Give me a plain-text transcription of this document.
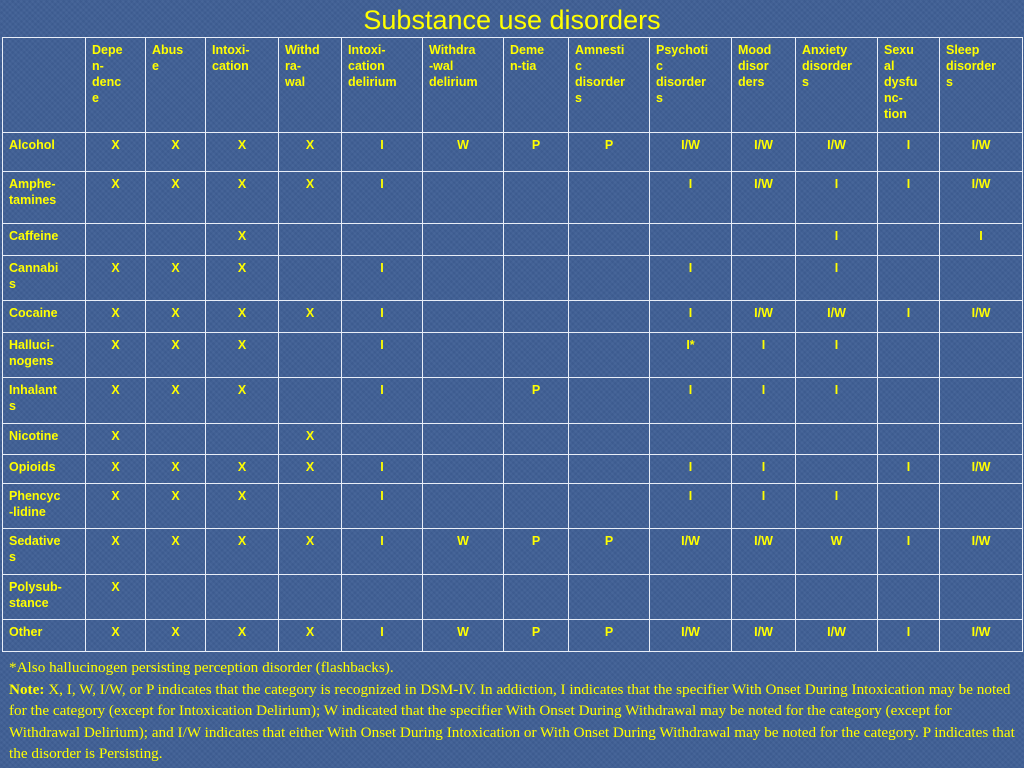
Substance use disorders
	Depe
n-
denc
e	Abus
e	Intoxi-
cation	Withd
ra-
wal	Intoxi-
cation
delirium	Withdra
-wal
delirium	Deme
n-tia	Amnesti
c
disorder
s	Psychoti
c
disorder
s	Mood
disor
ders	Anxiety
disorder
s	Sexu
al
dysfu
nc-
tion	Sleep
disorder
s
Alcohol	X	X	X	X	I	W	P	P	I/W	I/W	I/W	I	I/W
Amphe-
tamines	X	X	X	X	I				I	I/W	I	I	I/W
Caffeine			X								I		I
Cannabi
s	X	X	X		I				I		I		
Cocaine	X	X	X	X	I				I	I/W	I/W	I	I/W
Halluci-
nogens	X	X	X		I				I*	I	I		
Inhalant
s	X	X	X		I		P		I	I	I		
Nicotine	X			X									
Opioids	X	X	X	X	I				I	I		I	I/W
Phencyc
-lidine	X	X	X		I				I	I	I		
Sedative
s	X	X	X	X	I	W	P	P	I/W	I/W	W	I	I/W
Polysub-
stance	X												
Other	X	X	X	X	I	W	P	P	I/W	I/W	I/W	I	I/W
*Also hallucinogen persisting perception disorder (flashbacks).
Note: X, I, W, I/W, or P indicates that the category is recognized in DSM-IV. In addiction, I indicates that the specifier With Onset During Intoxication may be noted for the category (except for Intoxication Delirium); W indicated that the specifier With Onset During Withdrawal may be noted for the category (except for Withdrawal Delirium); and I/W indicates that either With Onset During Intoxication or With Onset During Withdrawal may be noted for the category. P indicates that the disorder is Persisting.
